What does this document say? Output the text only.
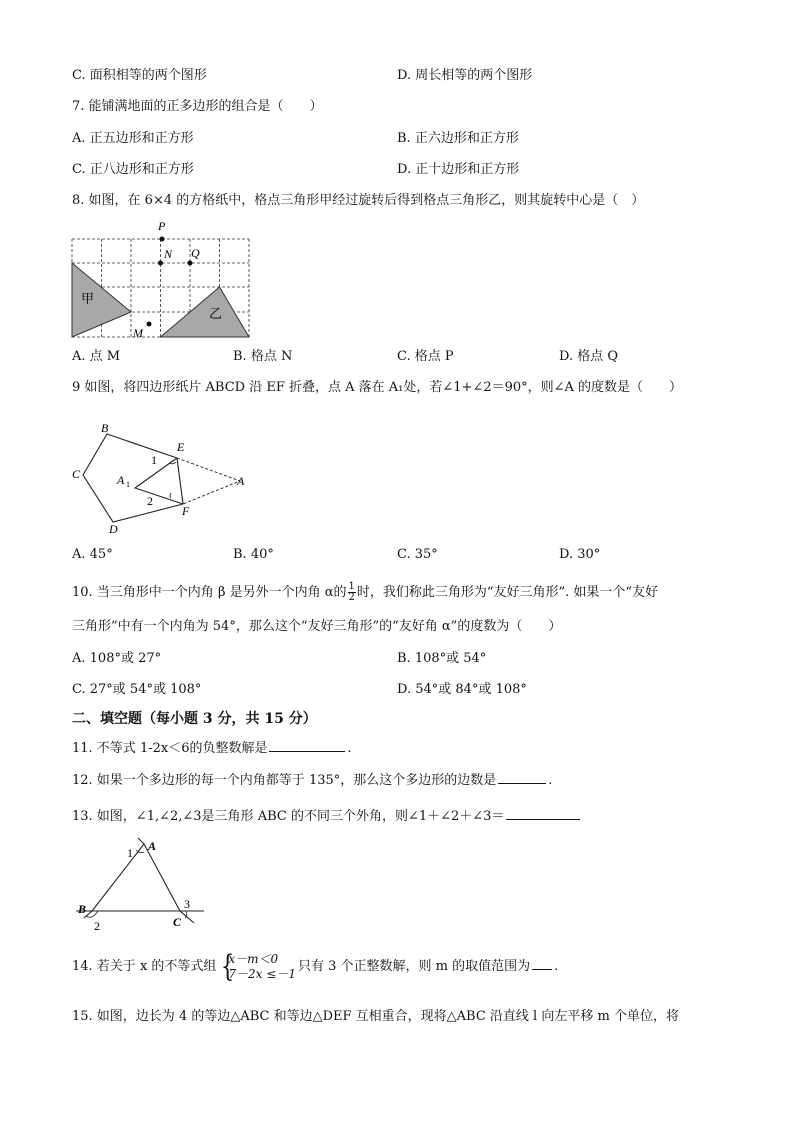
C. 面积相等的两个图形	D. 周长相等的两个图形
7. 能铺满地面的正多边形的组合是（　　）
A. 正五边形和正方形	B. 正六边形和正方形
C. 正八边形和正方形	D. 正十边形和正方形
8. 如图，在 6×4 的方格纸中，格点三角形甲经过旋转后得到格点三角形乙，则其旋转中心是（　）
P
N Q
M
甲
乙
A. 点 M	B. 格点 N	C. 格点 P	D. 格点 Q
9 如图，将四边形纸片 ABCD 沿 EF 折叠，点 A 落在 A₁处，若∠1+∠2＝90°，则∠A 的度数是（　　）
B
C
D
E
F
A
A 1
1
2
A. 45°	B. 40°	C. 35°	D. 30°
10. 当三角形中一个内角 β 是另外一个内角 α的 $\frac{1}{2}$ 时，我们称此三角形为“友好三角形”. 如果一个“友好
三角形”中有一个内角为 54°，那么这个“友好三角形”的“友好角 α”的度数为（　　）
A. 108°或 27°	B. 108°或 54°
C. 27°或 54°或 108°	D. 54°或 84°或 108°
二、填空题（每小题 3 分，共 15 分）
11. 不等式 1-2x＜6的负整数解是	.
12. 如果一个多边形的每一个内角都等于 135°，那么这个多边形的边数是	.
13. 如图，∠1,∠2,∠3是三角形 ABC 的不同三个外角，则∠1＋∠2＋∠3＝
1 A
B
C
2
3
14. 若关于 x 的不等式组 {
x－m＜0
7－2x ≤－1 只有 3 个正整数解，则 m 的取值范围为 .
15. 如图，边长为 4 的等边△ABC 和等边△DEF 互相重合，现将△ABC 沿直线 l 向左平移 m 个单位，将
